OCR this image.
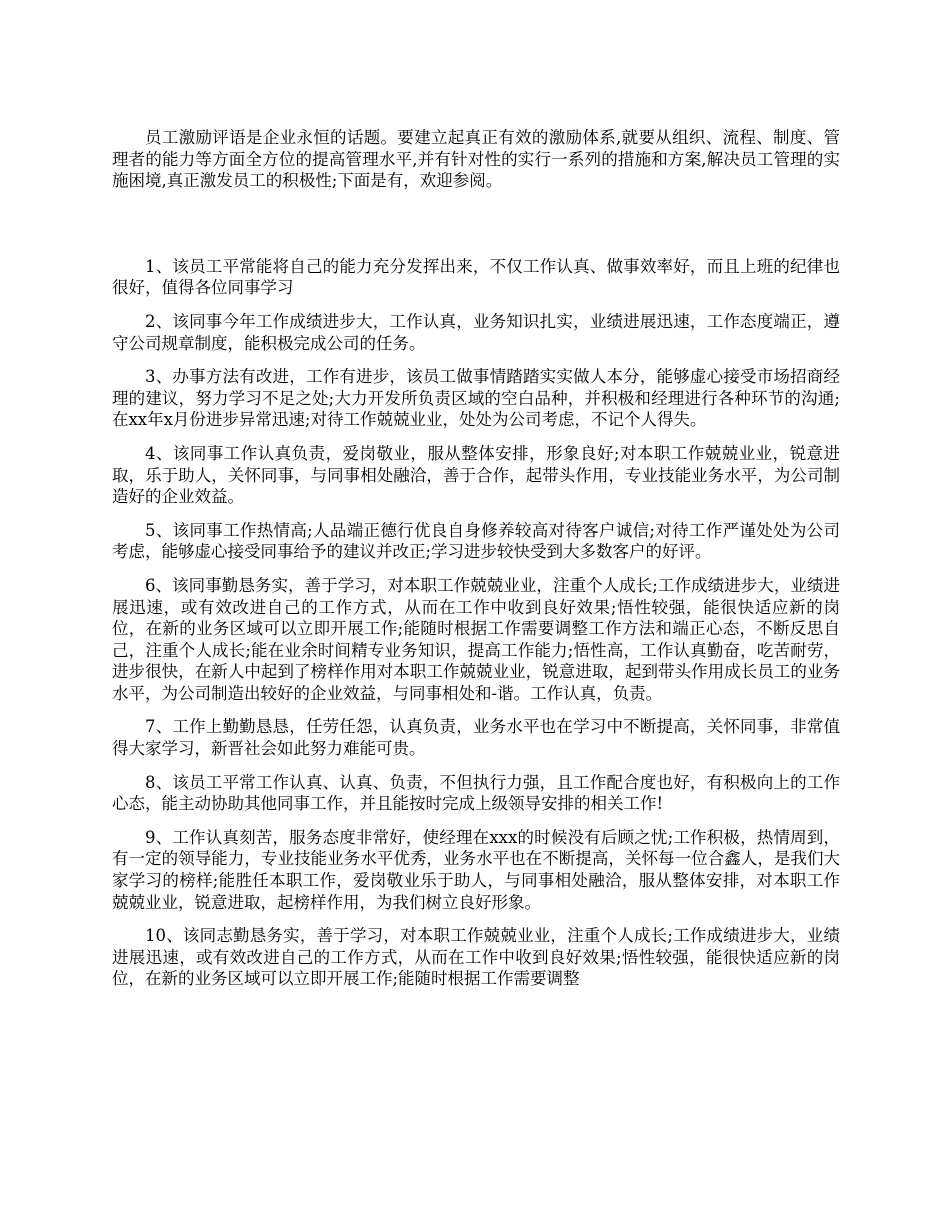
员工激励评语是企业永恒的话题。要建立起真正有效的激励体系,就要从组织、流程、制度、管理者的能力等方面全方位的提高管理水平,并有针对性的实行一系列的措施和方案,解决员工管理的实施困境,真正激发员工的积极性;下面是有，欢迎参阅。

1、该员工平常能将自己的能力充分发挥出来，不仅工作认真、做事效率好，而且上班的纪律也很好，值得各位同事学习

2、该同事今年工作成绩进步大，工作认真，业务知识扎实，业绩进展迅速，工作态度端正，遵守公司规章制度，能积极完成公司的任务。

3、办事方法有改进，工作有进步，该员工做事情踏踏实实做人本分，能够虚心接受市场招商经理的建议，努力学习不足之处;大力开发所负责区域的空白品种，并积极和经理进行各种环节的沟通;在xx年x月份进步异常迅速;对待工作兢兢业业，处处为公司考虑，不记个人得失。

4、该同事工作认真负责，爱岗敬业，服从整体安排，形象良好;对本职工作兢兢业业，锐意进取，乐于助人，关怀同事，与同事相处融洽，善于合作，起带头作用，专业技能业务水平，为公司制造好的企业效益。

5、该同事工作热情高;人品端正德行优良自身修养较高对待客户诚信;对待工作严谨处处为公司考虑，能够虚心接受同事给予的建议并改正;学习进步较快受到大多数客户的好评。

6、该同事勤恳务实，善于学习，对本职工作兢兢业业，注重个人成长;工作成绩进步大，业绩进展迅速，或有效改进自己的工作方式，从而在工作中收到良好效果;悟性较强，能很快适应新的岗位，在新的业务区域可以立即开展工作;能随时根据工作需要调整工作方法和端正心态，不断反思自己，注重个人成长;能在业余时间精专业务知识，提高工作能力;悟性高，工作认真勤奋，吃苦耐劳，进步很快，在新人中起到了榜样作用对本职工作兢兢业业，锐意进取，起到带头作用成长员工的业务水平，为公司制造出较好的企业效益，与同事相处和-谐。工作认真，负责。

7、工作上勤勤恳恳，任劳任怨，认真负责，业务水平也在学习中不断提高，关怀同事，非常值得大家学习，新晋社会如此努力难能可贵。

8、该员工平常工作认真、认真、负责，不但执行力强，且工作配合度也好，有积极向上的工作心态，能主动协助其他同事工作，并且能按时完成上级领导安排的相关工作!

9、工作认真刻苦，服务态度非常好，使经理在xxx的时候没有后顾之忧;工作积极，热情周到，有一定的领导能力，专业技能业务水平优秀，业务水平也在不断提高，关怀每一位合鑫人，是我们大家学习的榜样;能胜任本职工作，爱岗敬业乐于助人，与同事相处融洽，服从整体安排，对本职工作兢兢业业，锐意进取，起榜样作用，为我们树立良好形象。

10、该同志勤恳务实，善于学习，对本职工作兢兢业业，注重个人成长;工作成绩进步大，业绩进展迅速，或有效改进自己的工作方式，从而在工作中收到良好效果;悟性较强，能很快适应新的岗位，在新的业务区域可以立即开展工作;能随时根据工作需要调整
